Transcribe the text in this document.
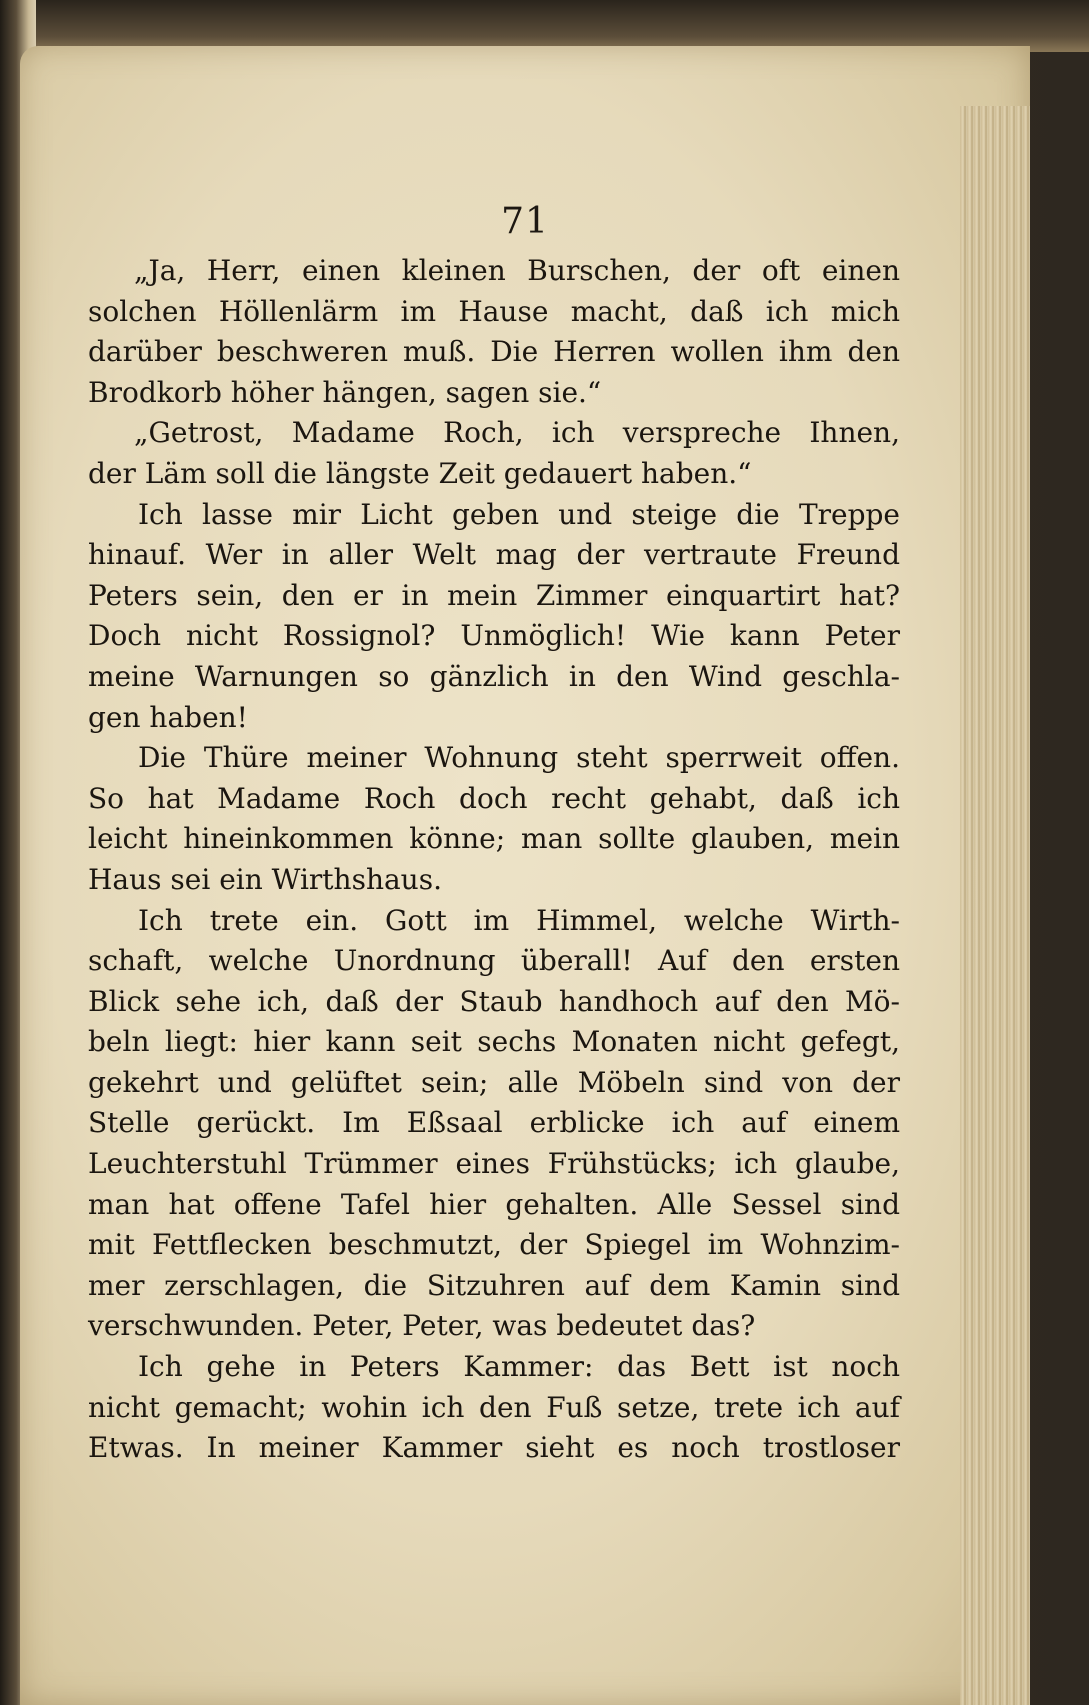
71
„Ja, Herr, einen kleinen Burschen, der oft einen
solchen Höllenlärm im Hause macht, daß ich mich
darüber beschweren muß. Die Herren wollen ihm den
Brodkorb höher hängen, sagen sie.“
„Getrost, Madame Roch, ich verspreche Ihnen,
der Läm soll die längste Zeit gedauert haben.“
Ich lasse mir Licht geben und steige die Treppe
hinauf. Wer in aller Welt mag der vertraute Freund
Peters sein, den er in mein Zimmer einquartirt hat?
Doch nicht Rossignol? Unmöglich! Wie kann Peter
meine Warnungen so gänzlich in den Wind geschla-
gen haben!
Die Thüre meiner Wohnung steht sperrweit offen.
So hat Madame Roch doch recht gehabt, daß ich
leicht hineinkommen könne; man sollte glauben, mein
Haus sei ein Wirthshaus.
Ich trete ein. Gott im Himmel, welche Wirth-
schaft, welche Unordnung überall! Auf den ersten
Blick sehe ich, daß der Staub handhoch auf den Mö-
beln liegt: hier kann seit sechs Monaten nicht gefegt,
gekehrt und gelüftet sein; alle Möbeln sind von der
Stelle gerückt. Im Eßsaal erblicke ich auf einem
Leuchterstuhl Trümmer eines Frühstücks; ich glaube,
man hat offene Tafel hier gehalten. Alle Sessel sind
mit Fettflecken beschmutzt, der Spiegel im Wohnzim-
mer zerschlagen, die Sitzuhren auf dem Kamin sind
verschwunden. Peter, Peter, was bedeutet das?
Ich gehe in Peters Kammer: das Bett ist noch
nicht gemacht; wohin ich den Fuß setze, trete ich auf
Etwas. In meiner Kammer sieht es noch trostloser
